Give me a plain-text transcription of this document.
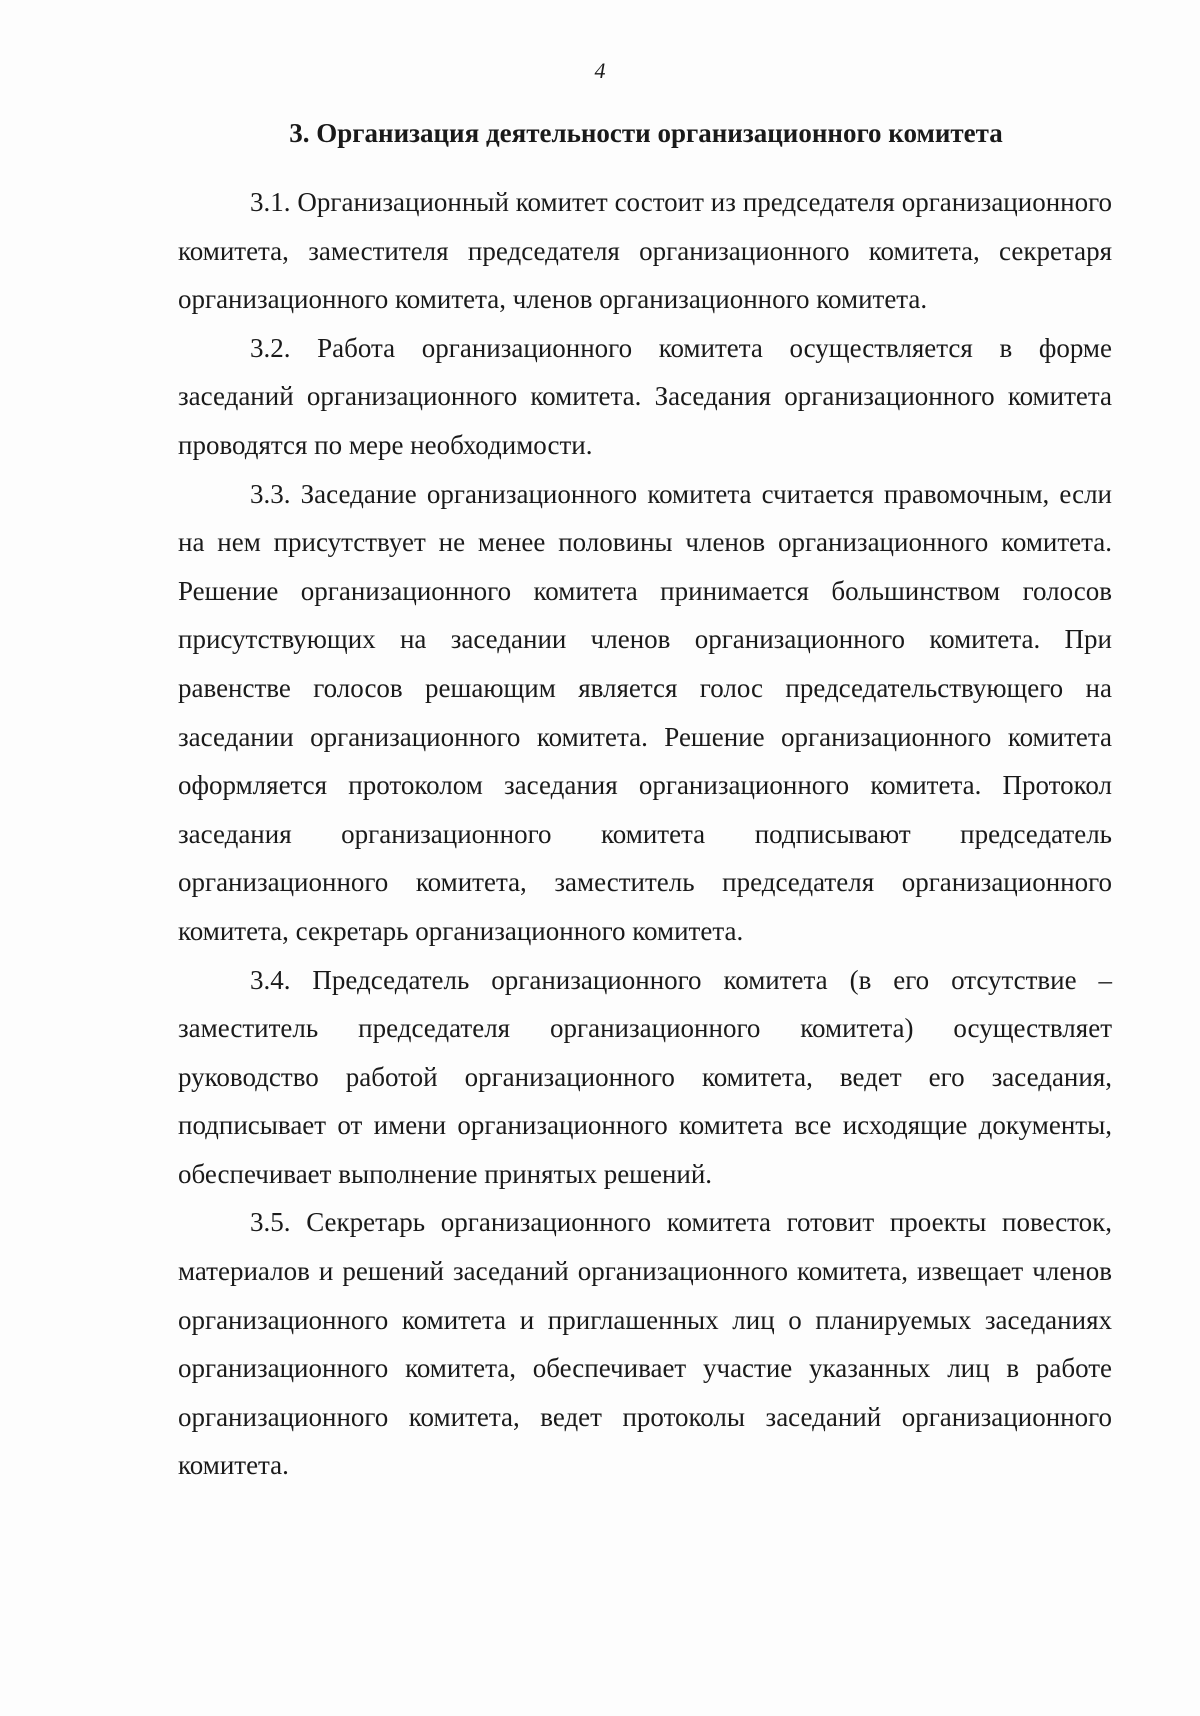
4
3. Организация деятельности организационного комитета

3.1. Организационный комитет состоит из председателя организационного комитета, заместителя председателя организационного комитета, секретаря организационного комитета, членов организационного комитета.

3.2. Работа организационного комитета осуществляется в форме заседаний организационного комитета. Заседания организационного комитета проводятся по мере необходимости.

3.3. Заседание организационного комитета считается правомочным, если на нем присутствует не менее половины членов организационного комитета. Решение организационного комитета принимается большинством голосов присутствующих на заседании членов организационного комитета. При равенстве голосов решающим является голос председательствующего на заседании организационного комитета. Решение организационного комитета оформляется протоколом заседания организационного комитета. Протокол заседания организационного комитета подписывают председатель организационного комитета, заместитель председателя организационного комитета, секретарь организационного комитета.

3.4. Председатель организационного комитета (в его отсутствие – заместитель председателя организационного комитета) осуществляет руководство работой организационного комитета, ведет его заседания, подписывает от имени организационного комитета все исходящие документы, обеспечивает выполнение принятых решений.

3.5. Секретарь организационного комитета готовит проекты повесток, материалов и решений заседаний организационного комитета, извещает членов организационного комитета и приглашенных лиц о планируемых заседаниях организационного комитета, обеспечивает участие указанных лиц в работе организационного комитета, ведет протоколы заседаний организационного комитета.
